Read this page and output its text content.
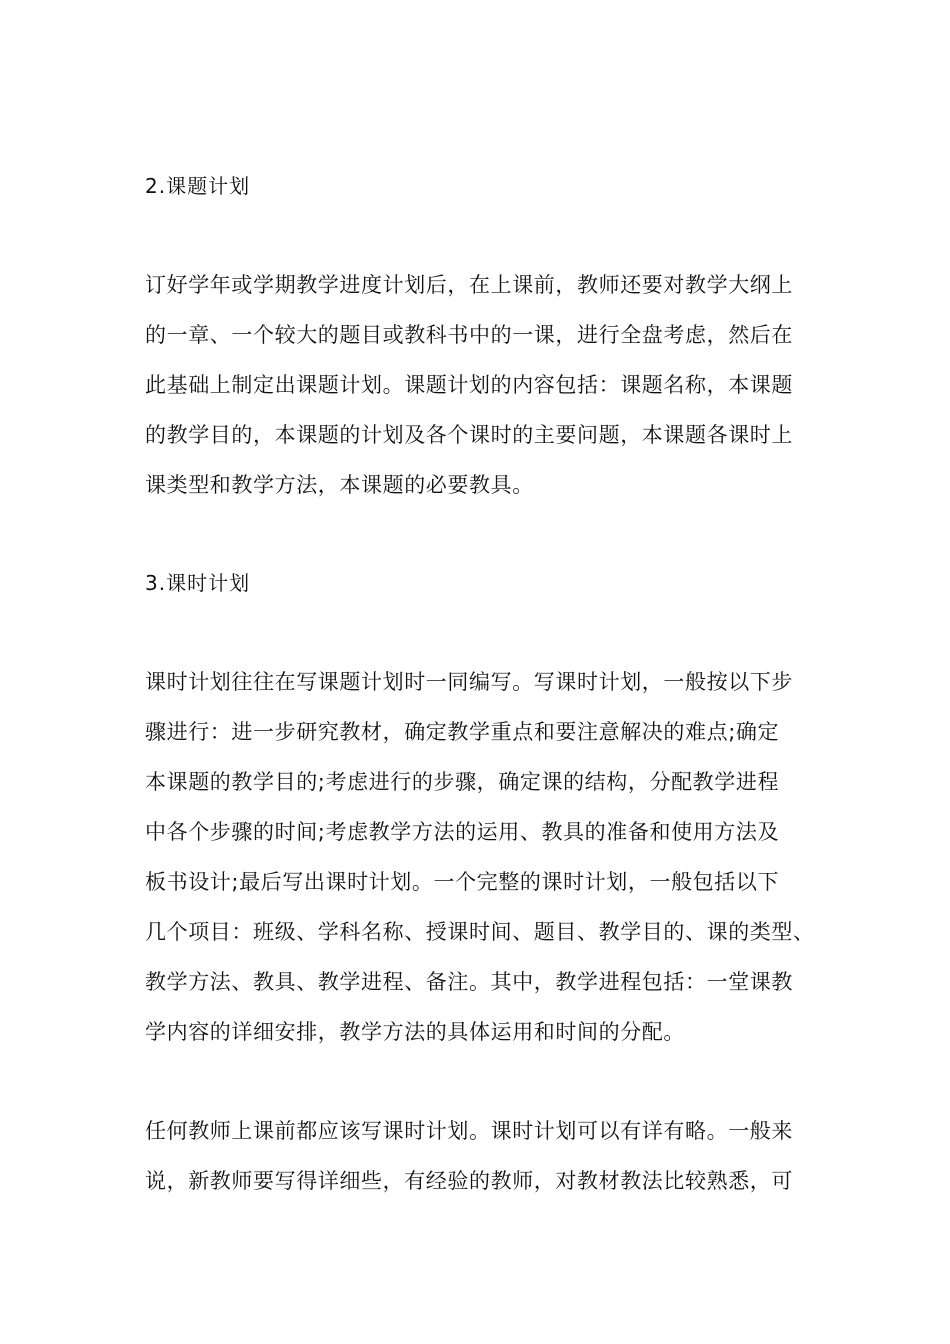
2.课题计划
订好学年或学期教学进度计划后，在上课前，教师还要对教学大纲上
的一章、一个较大的题目或教科书中的一课，进行全盘考虑，然后在
此基础上制定出课题计划。课题计划的内容包括：课题名称，本课题
的教学目的，本课题的计划及各个课时的主要问题，本课题各课时上
课类型和教学方法，本课题的必要教具。
3.课时计划
课时计划往往在写课题计划时一同编写。写课时计划，一般按以下步
骤进行：进一步研究教材，确定教学重点和要注意解决的难点;确定
本课题的教学目的;考虑进行的步骤，确定课的结构，分配教学进程
中各个步骤的时间;考虑教学方法的运用、教具的准备和使用方法及
板书设计;最后写出课时计划。一个完整的课时计划，一般包括以下
几个项目：班级、学科名称、授课时间、题目、教学目的、课的类型、
教学方法、教具、教学进程、备注。其中，教学进程包括：一堂课教
学内容的详细安排，教学方法的具体运用和时间的分配。
任何教师上课前都应该写课时计划。课时计划可以有详有略。一般来
说，新教师要写得详细些，有经验的教师，对教材教法比较熟悉，可
